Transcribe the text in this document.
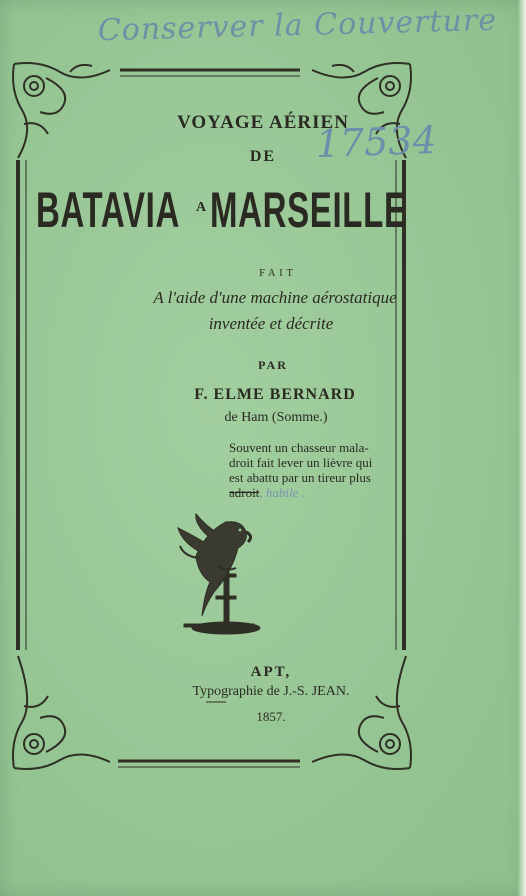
Conserver la Couverture
VOYAGE AÉRIEN
DE
BATAVIA A MARSEILLE
17534
FAIT
A l'aide d'une machine aérostatique
inventée et décrite
PAR
F. ELME BERNARD
de Ham (Somme.)
Souvent un chasseur mala-
droit fait lever un lièvre qui
est abattu par un tireur plus
adroit, habile .
APT,
Typographie de J.-S. JEAN.
1857.
